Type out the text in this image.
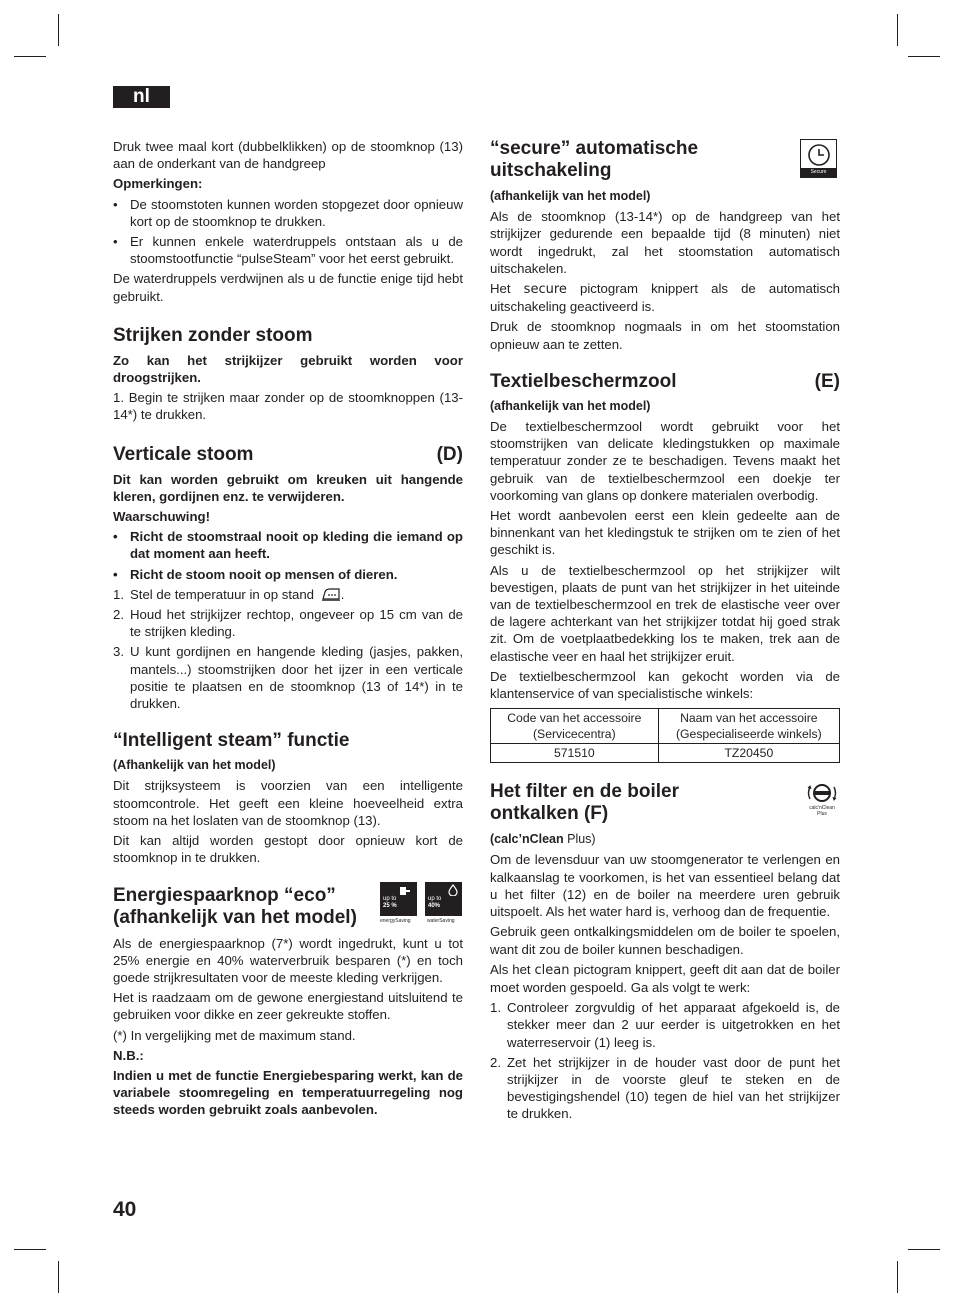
nl

Druk twee maal kort (dubbelklikken) op de stoomknop (13) aan de onderkant van de handgreep

Opmerkingen:
• De stoomstoten kunnen worden stopgezet door opnieuw kort op de stoomknop te drukken.
• Er kunnen enkele waterdruppels ontstaan als u de stoomstootfunctie “pulseSteam” voor het eerst gebruikt.

De waterdruppels verdwijnen als u de functie enige tijd hebt gebruikt.

Strijken zonder stoom

Zo kan het strijkijzer gebruikt worden voor droogstrijken.

1. Begin te strijken maar zonder op de stoomknoppen (13-14*) te drukken.

Verticale stoom	(D)

Dit kan worden gebruikt om kreuken uit hangende kleren, gordijnen enz. te verwijderen.

Waarschuwing!
• Richt de stoomstraal nooit op kleding die iemand op dat moment aan heeft.
• Richt de stoom nooit op mensen of dieren.
1. Stel de temperatuur in op stand .
2. Houd het strijkijzer rechtop, ongeveer op 15 cm van de te strijken kleding.
3. U kunt gordijnen en hangende kleding (jasjes, pakken, mantels...) stoomstrijken door het ijzer in een verticale positie te plaatsen en de stoomknop (13 of 14*) in te drukken.
“Intelligent steam” functie
(Afhankelijk van het model)

Dit strijksysteem is voorzien van een intelligente stoomcontrole. Het geeft een kleine hoeveelheid extra stoom na het loslaten van de stoomknop (13).

Dit kan altijd worden gestopt door opnieuw kort de stoomknop in te drukken.

Energiespaarknop “eco”
(afhankelijk van het model)
up to
25 %
energySaving
up to
40%
waterSaving

Als de energiespaarknop (7*) wordt ingedrukt, kunt u tot 25% energie en 40% waterverbruik besparen (*) en toch goede strijkresultaten voor de meeste kleding verkrijgen.

Het is raadzaam om de gewone energiestand uitsluitend te gebruiken voor dikke en zeer gekreukte stoffen.

(*) In vergelijking met de maximum stand.

N.B.:

Indien u met de functie Energiebesparing werkt, kan de variabele stoomregeling en temperatuurregeling nog steeds worden gebruikt zoals aanbevolen.

“secure” automatische uitschakeling	Secure
(afhankelijk van het model)

Als de stoomknop (13-14*) op de handgreep van het strijkijzer gedurende een bepaalde tijd (8 minuten) niet wordt ingedrukt, zal het stoomstation automatisch uitschakelen.

Het secure pictogram knippert als de automatisch uitschakeling geactiveerd is.

Druk de stoomknop nogmaals in om het stoomstation opnieuw aan te zetten.

Textielbeschermzool	(E)
(afhankelijk van het model)

De textielbeschermzool wordt gebruikt voor het stoomstrijken van delicate kledingstukken op maximale temperatuur zonder ze te beschadigen. Tevens maakt het gebruik van de textielbeschermzool een doekje ter voorkoming van glans op donkere materialen overbodig.

Het wordt aanbevolen eerst een klein gedeelte aan de binnenkant van het kledingstuk te strijken om te zien of het geschikt is.

Als u de textielbeschermzool op het strijkijzer wilt bevestigen, plaats de punt van het strijkijzer in het uiteinde van de textielbeschermzool en trek de elastische veer over de lagere achterkant van het strijkijzer totdat hij goed strak zit. Om de voetplaatbedekking los te maken, trek aan de elastische veer en haal het strijkijzer eruit.

De textielbeschermzool kan gekocht worden via de klantenservice of van specialistische winkels:

Code van het accessoire
(Servicecentra)	Naam van het accessoire
(Gespecialiseerde winkels)
571510	TZ20450
Het filter en de boiler
ontkalken (F)	calc'nClean Plus
(calc’nClean Plus)

Om de levensduur van uw stoomgenerator te verlengen en kalkaanslag te voorkomen, is het van essentieel belang dat u het filter (12) en de boiler na meerdere uren gebruik uitspoelt. Als het water hard is, verhoog dan de frequentie.

Gebruik geen ontkalkingsmiddelen om de boiler te spoelen, want dit zou de boiler kunnen beschadigen.

Als het clean pictogram knippert, geeft dit aan dat de boiler moet worden gespoeld. Ga als volgt te werk:

1. Controleer zorgvuldig of het apparaat afgekoeld is, de stekker meer dan 2 uur eerder is uitgetrokken en het waterreservoir (1) leeg is.
2. Zet het strijkijzer in de houder vast door de punt het strijkijzer in de voorste gleuf te steken en de bevestigingshendel (10) tegen de hiel van het strijkijzer te drukken.
40
